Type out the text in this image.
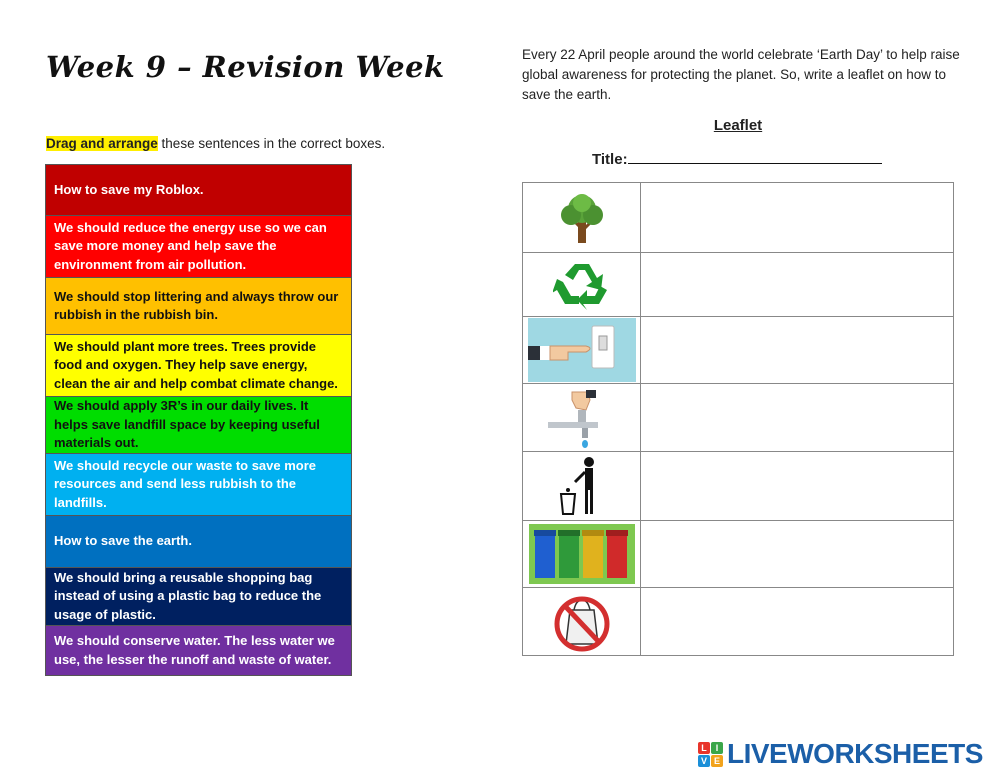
Week 9 – Revision Week
Drag and arrange these sentences in the correct boxes.
How to save my Roblox.
We should reduce the energy use so we can save more money and help save the environment from air pollution.
We should stop littering and always throw our rubbish in the rubbish bin.
We should plant more trees. Trees provide food and oxygen. They help save energy, clean the air and help combat climate change.
We should apply 3R’s in our daily lives. It helps save landfill space by keeping useful materials out.
We should recycle our waste to save more resources and send less rubbish to the landfills.
How to save the earth.
We should bring a reusable shopping bag instead of using a plastic bag to reduce the usage of plastic.
We should conserve water. The less water we use, the lesser the runoff and waste of water.

Every 22 April people around the world celebrate ‘Earth Day’ to help raise global awareness for protecting the planet. So, write a leaflet on how to save the earth.

Leaflet
Title:

L I
V E LIVEWORKSHEETS
